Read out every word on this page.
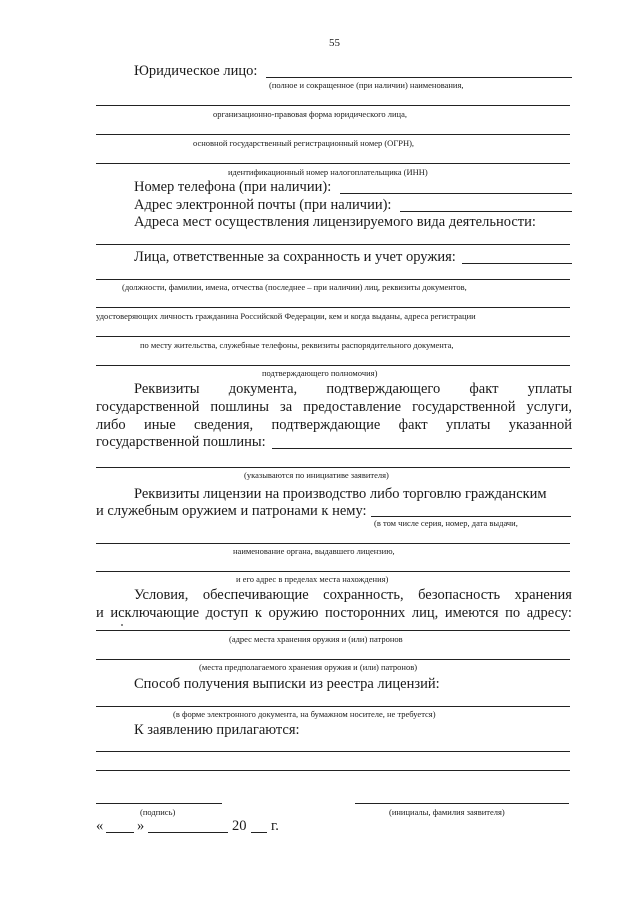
55
Юридическое лицо:
(полное и сокращенное (при наличии) наименования,
организационно-правовая форма юридического лица,
основной государственный регистрационный номер (ОГРН),
идентификационный номер налогоплательщика (ИНН)
Номер телефона (при наличии):
Адрес электронной почты (при наличии):
Адреса мест осуществления лицензируемого вида деятельности:
Лица, ответственные за сохранность и учет оружия:
(должности, фамилии, имена, отчества (последнее – при наличии) лиц, реквизиты документов,
удостоверяющих личность гражданина Российской Федерации, кем и когда выданы, адреса регистрации
по месту жительства, служебные телефоны, реквизиты распорядительного документа,
подтверждающего полномочия)
Реквизиты документа, подтверждающего факт уплаты
государственной пошлины за предоставление государственной услуги,
либо иные сведения, подтверждающие факт уплаты указанной
государственной пошлины:
(указываются по инициативе заявителя)
Реквизиты лицензии на производство либо торговлю гражданским
и служебным оружием и патронами к нему:
(в том числе серия, номер, дата выдачи,
наименование органа, выдавшего лицензию,
и его адрес в пределах места нахождения)
Условия, обеспечивающие сохранность, безопасность хранения
и исключающие доступ к оружию посторонних лиц, имеются по адресу:
(адрес места хранения оружия и (или) патронов
(места предполагаемого хранения оружия и (или) патронов)
Способ получения выписки из реестра лицензий:
(в форме электронного документа, на бумажном носителе, не требуется)
К заявлению прилагаются:
(подпись)	(инициалы, фамилия заявителя)
« »	20 г.
